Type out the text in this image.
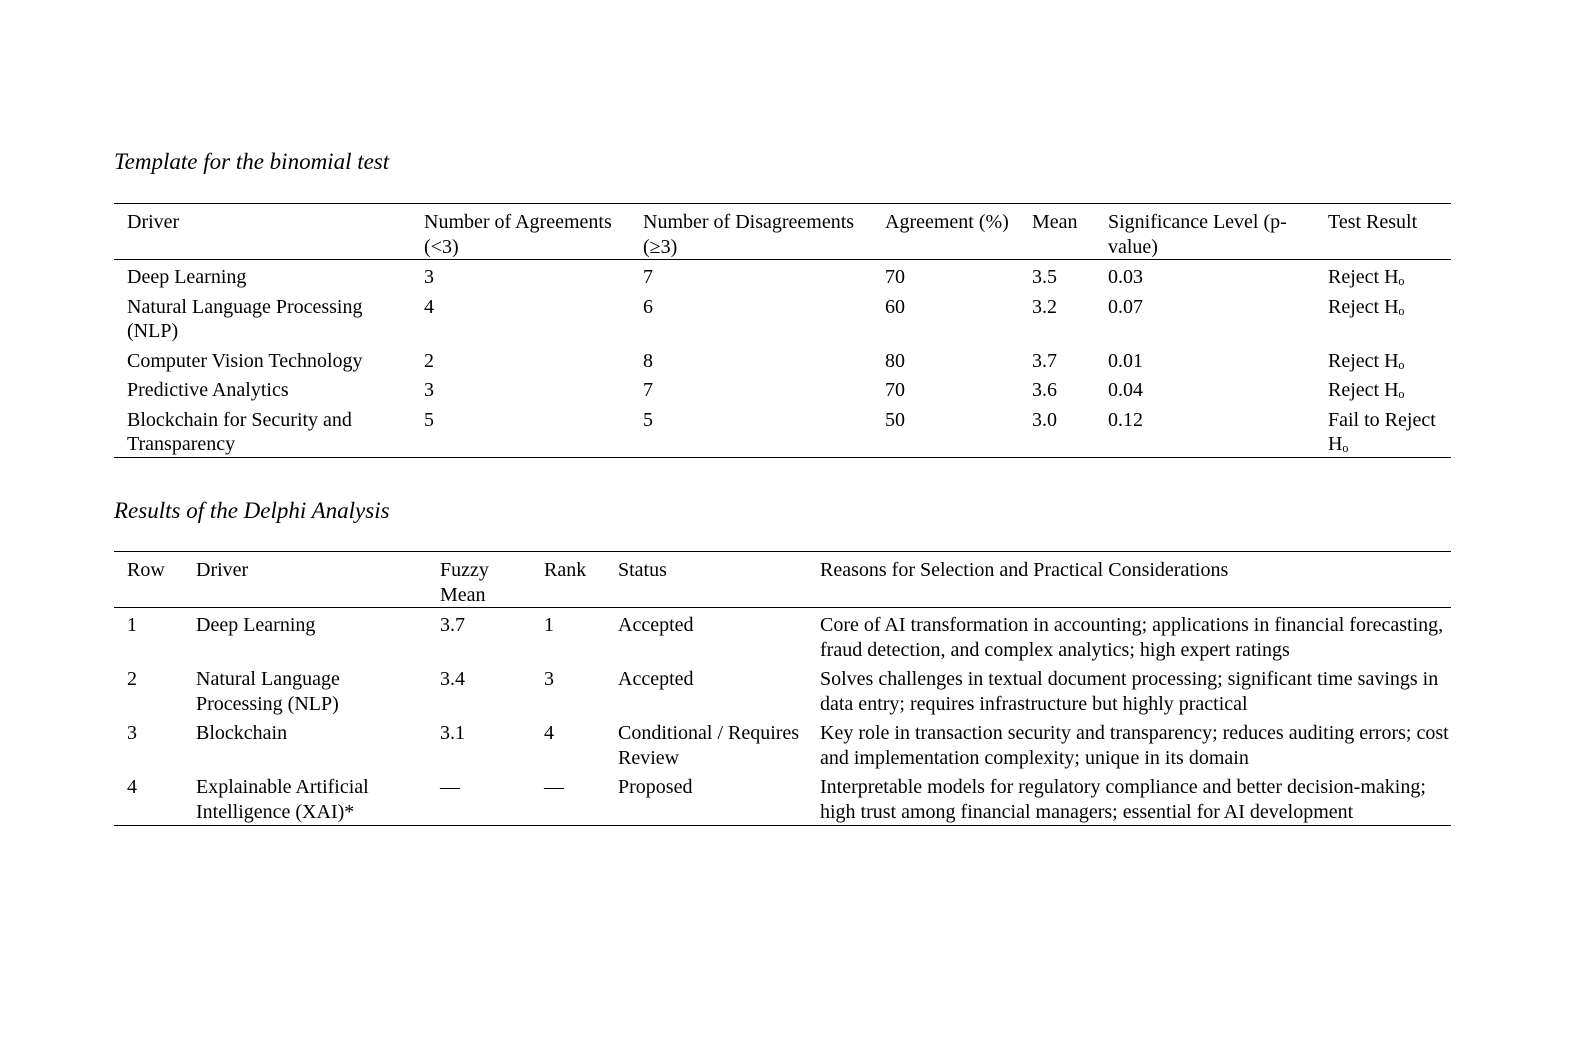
Template for the binomial test
Driver	Number of Agreements (<3)	Number of Disagreements (≥3)	Agreement (%)	Mean	Significance Level (p-value)	Test Result
Deep Learning	3	7	70	3.5	0.03	Reject Hₒ
Natural Language Processing (NLP)	4	6	60	3.2	0.07	Reject Hₒ
Computer Vision Technology	2	8	80	3.7	0.01	Reject Hₒ
Predictive Analytics	3	7	70	3.6	0.04	Reject Hₒ
Blockchain for Security and Transparency	5	5	50	3.0	0.12	Fail to Reject Hₒ
Results of the Delphi Analysis
Row	Driver	Fuzzy Mean	Rank	Status	Reasons for Selection and Practical Considerations
1	Deep Learning	3.7	1	Accepted	Core of AI transformation in accounting; applications in financial forecasting, fraud detection, and complex analytics; high expert ratings
2	Natural Language Processing (NLP)	3.4	3	Accepted	Solves challenges in textual document processing; significant time savings in data entry; requires infrastructure but highly practical
3	Blockchain	3.1	4	Conditional / Requires Review	Key role in transaction security and transparency; reduces auditing errors; cost and implementation complexity; unique in its domain
4	Explainable Artificial Intelligence (XAI)*	—	—	Proposed	Interpretable models for regulatory compliance and better decision-making; high trust among financial managers; essential for AI development
